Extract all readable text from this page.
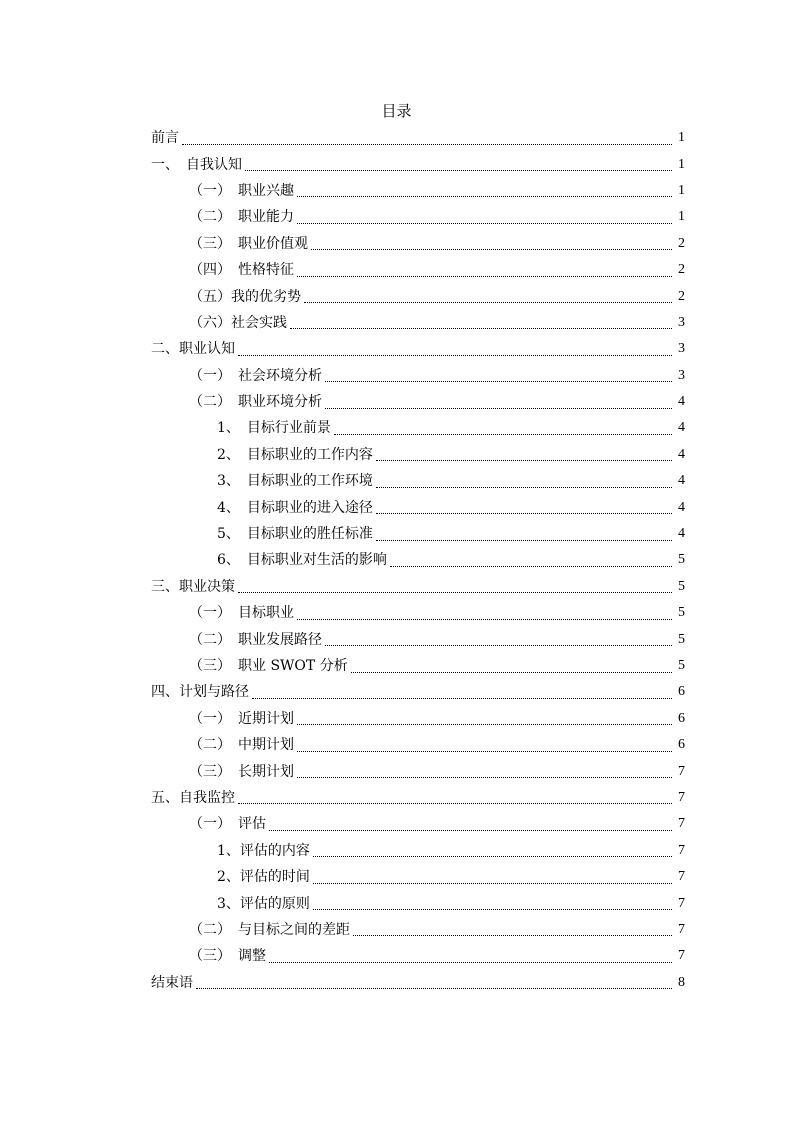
目录
前言	1
一、　自我认知	1
（一）　职业兴趣	1
（二）　职业能力	1
（三）　职业价值观	2
（四）　性格特征	2
（五）我的优劣势	2
（六）社会实践	3
二、职业认知	3
（一）　社会环境分析	3
（二）　职业环境分析	4
1、　目标行业前景	4
2、　目标职业的工作内容	4
3、　目标职业的工作环境	4
4、　目标职业的进入途径	4
5、　目标职业的胜任标准	4
6、　目标职业对生活的影响	5
三、职业决策	5
（一）　目标职业	5
（二）　职业发展路径	5
（三）　职业 SWOT 分析	5
四、计划与路径	6
（一）　近期计划	6
（二）　中期计划	6
（三）　长期计划	7
五、自我监控	7
（一）　评估	7
1、评估的内容	7
2、评估的时间	7
3、评估的原则	7
（二）　与目标之间的差距	7
（三）　调整	7
结束语	8
